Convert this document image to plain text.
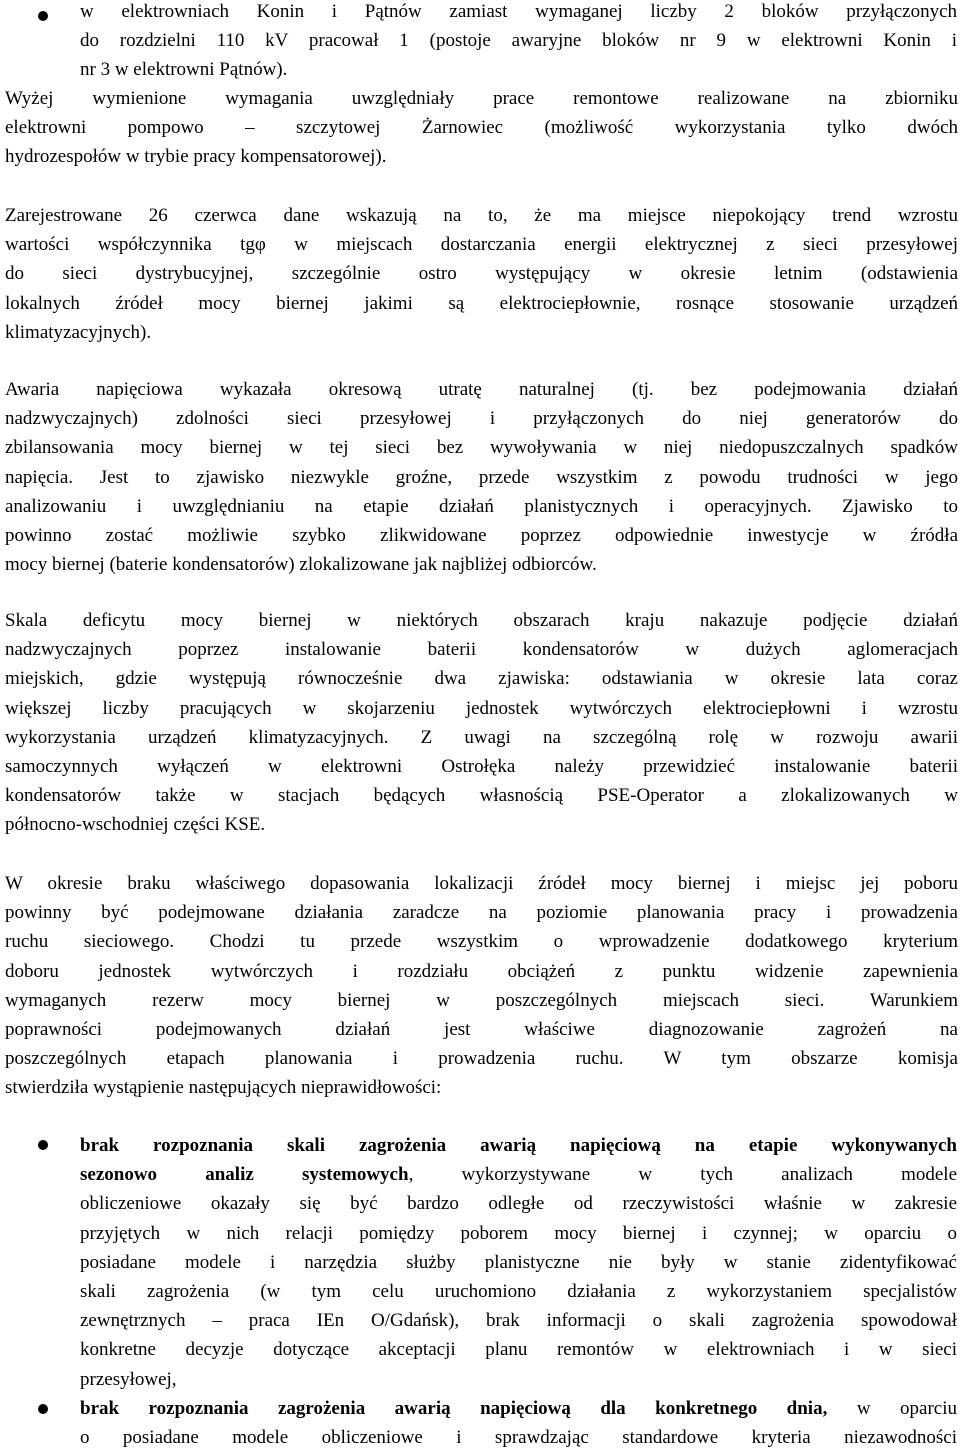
w elektrowniach Konin i Pątnów zamiast wymaganej liczby 2 bloków przyłączonych
do rozdzielni 110 kV pracował 1 (postoje awaryjne bloków nr 9 w elektrowni Konin i
nr 3 w elektrowni Pątnów).
Wyżej wymienione wymagania uwzględniały prace remontowe realizowane na zbiorniku
elektrowni pompowo – szczytowej Żarnowiec (możliwość wykorzystania tylko dwóch
hydrozespołów w trybie pracy kompensatorowej).
Zarejestrowane 26 czerwca dane wskazują na to, że ma miejsce niepokojący trend wzrostu
wartości współczynnika tgφ w miejscach dostarczania energii elektrycznej z sieci przesyłowej
do sieci dystrybucyjnej, szczególnie ostro występujący w okresie letnim (odstawienia
lokalnych źródeł mocy biernej jakimi są elektrociepłownie, rosnące stosowanie urządzeń
klimatyzacyjnych).
Awaria napięciowa wykazała okresową utratę naturalnej (tj. bez podejmowania działań
nadzwyczajnych) zdolności sieci przesyłowej i przyłączonych do niej generatorów do
zbilansowania mocy biernej w tej sieci bez wywoływania w niej niedopuszczalnych spadków
napięcia. Jest to zjawisko niezwykle groźne, przede wszystkim z powodu trudności w jego
analizowaniu i uwzględnianiu na etapie działań planistycznych i operacyjnych. Zjawisko to
powinno zostać możliwie szybko zlikwidowane poprzez odpowiednie inwestycje w źródła
mocy biernej (baterie kondensatorów) zlokalizowane jak najbliżej odbiorców.
Skala deficytu mocy biernej w niektórych obszarach kraju nakazuje podjęcie działań
nadzwyczajnych poprzez instalowanie baterii kondensatorów w dużych aglomeracjach
miejskich, gdzie występują równocześnie dwa zjawiska: odstawiania w okresie lata coraz
większej liczby pracujących w skojarzeniu jednostek wytwórczych elektrociepłowni i wzrostu
wykorzystania urządzeń klimatyzacyjnych. Z uwagi na szczególną rolę w rozwoju awarii
samoczynnych wyłączeń w elektrowni Ostrołęka należy przewidzieć instalowanie baterii
kondensatorów także w stacjach będących własnością PSE-Operator a zlokalizowanych w
północno-wschodniej części KSE.
W okresie braku właściwego dopasowania lokalizacji źródeł mocy biernej i miejsc jej poboru
powinny być podejmowane działania zaradcze na poziomie planowania pracy i prowadzenia
ruchu sieciowego. Chodzi tu przede wszystkim o wprowadzenie dodatkowego kryterium
doboru jednostek wytwórczych i rozdziału obciążeń z punktu widzenie zapewnienia
wymaganych rezerw mocy biernej w poszczególnych miejscach sieci. Warunkiem
poprawności podejmowanych działań jest właściwe diagnozowanie zagrożeń na
poszczególnych etapach planowania i prowadzenia ruchu. W tym obszarze komisja
stwierdziła wystąpienie następujących nieprawidłowości:
brak rozpoznania skali zagrożenia awarią napięciową na etapie wykonywanych
sezonowo analiz systemowych, wykorzystywane w tych analizach modele
obliczeniowe okazały się być bardzo odległe od rzeczywistości właśnie w zakresie
przyjętych w nich relacji pomiędzy poborem mocy biernej i czynnej; w oparciu o
posiadane modele i narzędzia służby planistyczne nie były w stanie zidentyfikować
skali zagrożenia (w tym celu uruchomiono działania z wykorzystaniem specjalistów
zewnętrznych – praca IEn O/Gdańsk), brak informacji o skali zagrożenia spowodował
konkretne decyzje dotyczące akceptacji planu remontów w elektrowniach i w sieci
przesyłowej,
brak rozpoznania zagrożenia awarią napięciową dla konkretnego dnia, w oparciu
o posiadane modele obliczeniowe i sprawdzając standardowe kryteria niezawodności
